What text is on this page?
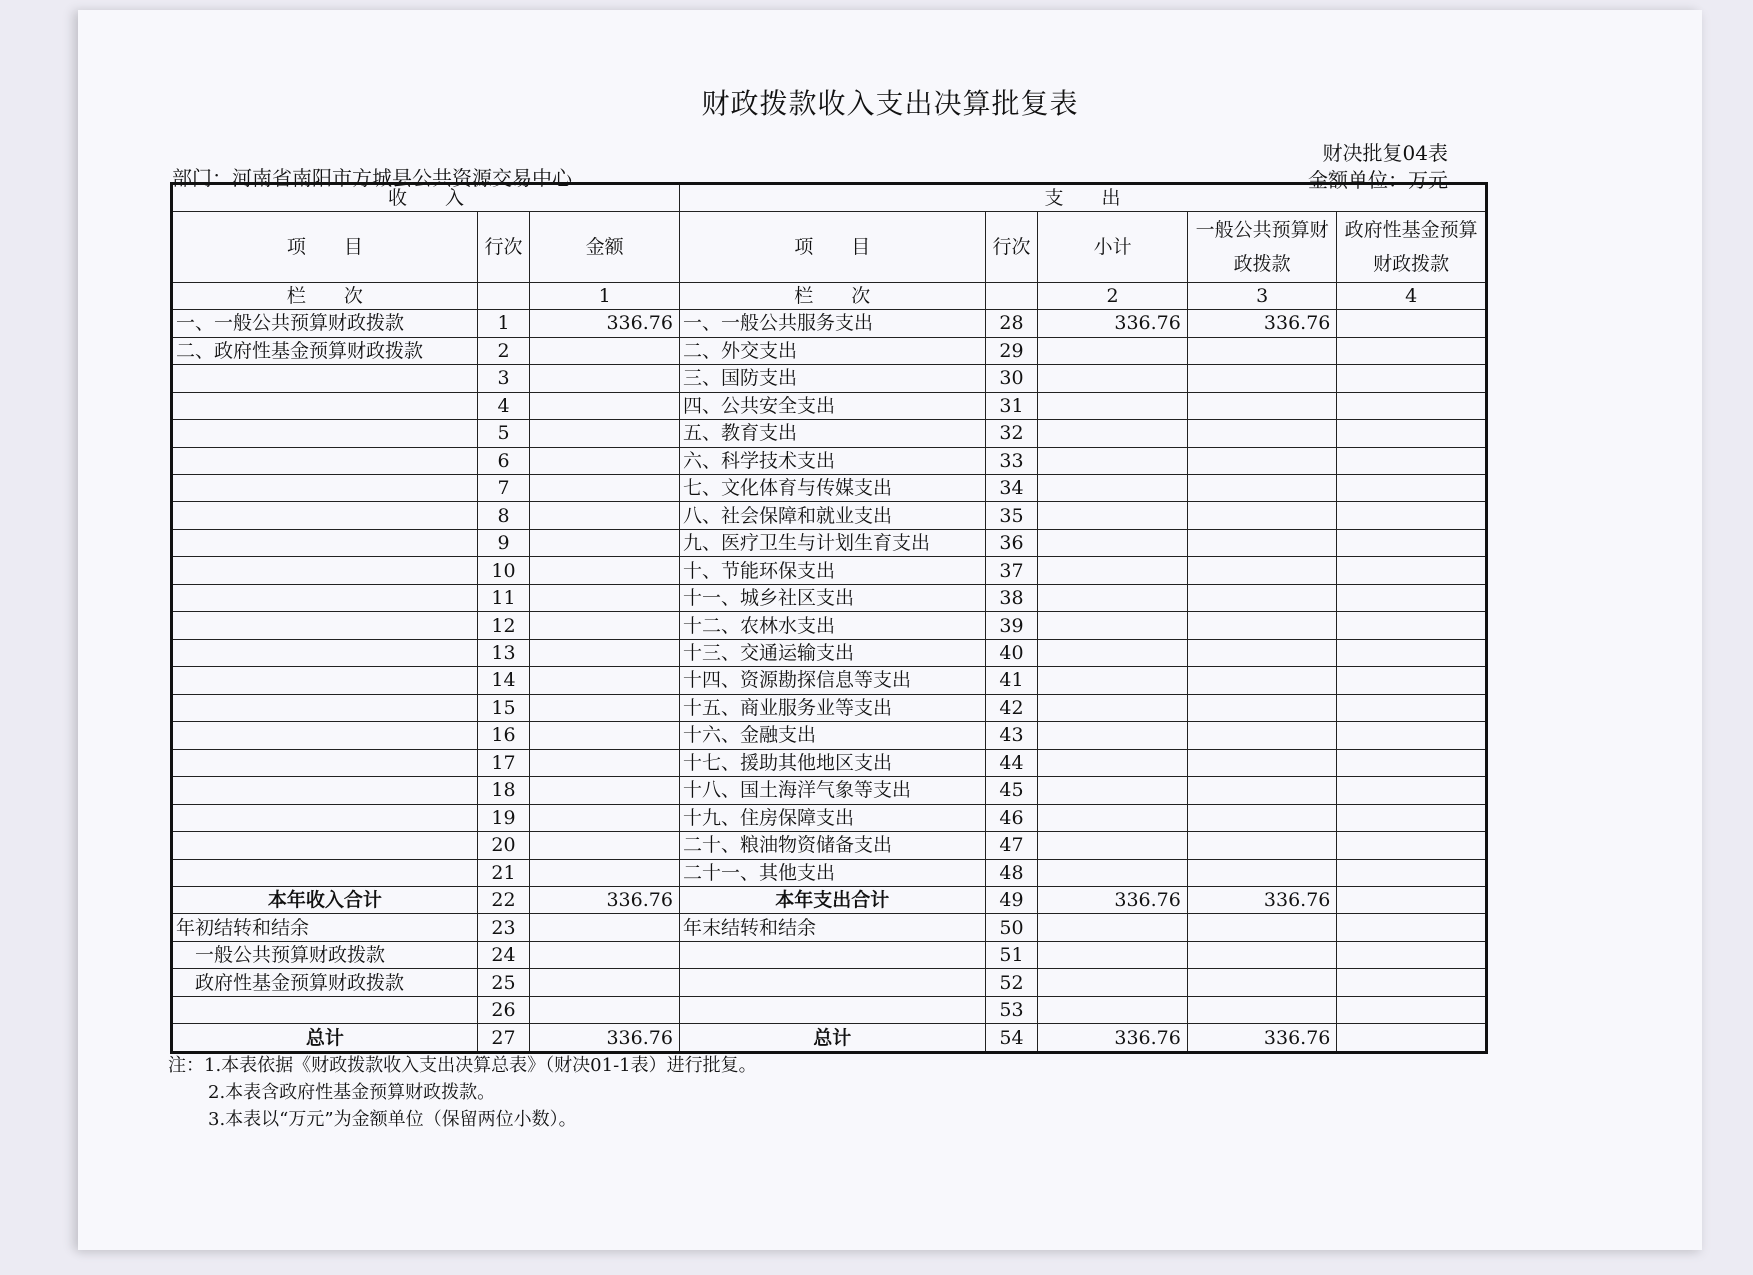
财政拨款收入支出决算批复表
财决批复04表
金额单位：万元
部门：河南省南阳市方城县公共资源交易中心
收　　入			支　　出				
项　　目	行次	金额	项　　目	行次	小计	一般公共预算财政拨款	政府性基金预算财政拨款
栏　　次		1	栏　　次		2	3	4
一、一般公共预算财政拨款	1	336.76	一、一般公共服务支出	28	336.76	336.76	
二、政府性基金预算财政拨款	2		二、外交支出	29			
	3		三、国防支出	30			
	4		四、公共安全支出	31			
	5		五、教育支出	32			
	6		六、科学技术支出	33			
	7		七、文化体育与传媒支出	34			
	8		八、社会保障和就业支出	35			
	9		九、医疗卫生与计划生育支出	36			
	10		十、节能环保支出	37			
	11		十一、城乡社区支出	38			
	12		十二、农林水支出	39			
	13		十三、交通运输支出	40			
	14		十四、资源勘探信息等支出	41			
	15		十五、商业服务业等支出	42			
	16		十六、金融支出	43			
	17		十七、援助其他地区支出	44			
	18		十八、国土海洋气象等支出	45			
	19		十九、住房保障支出	46			
	20		二十、粮油物资储备支出	47			
	21		二十一、其他支出	48			
本年收入合计	22	336.76	本年支出合计	49	336.76	336.76	
年初结转和结余	23		年末结转和结余	50			
一般公共预算财政拨款	24			51			
政府性基金预算财政拨款	25			52			
	26			53			
总计	27	336.76	总计	54	336.76	336.76	
注：1.本表依据《财政拨款收入支出决算总表》（财决01-1表）进行批复。
2.本表含政府性基金预算财政拨款。
3.本表以“万元”为金额单位（保留两位小数）。
